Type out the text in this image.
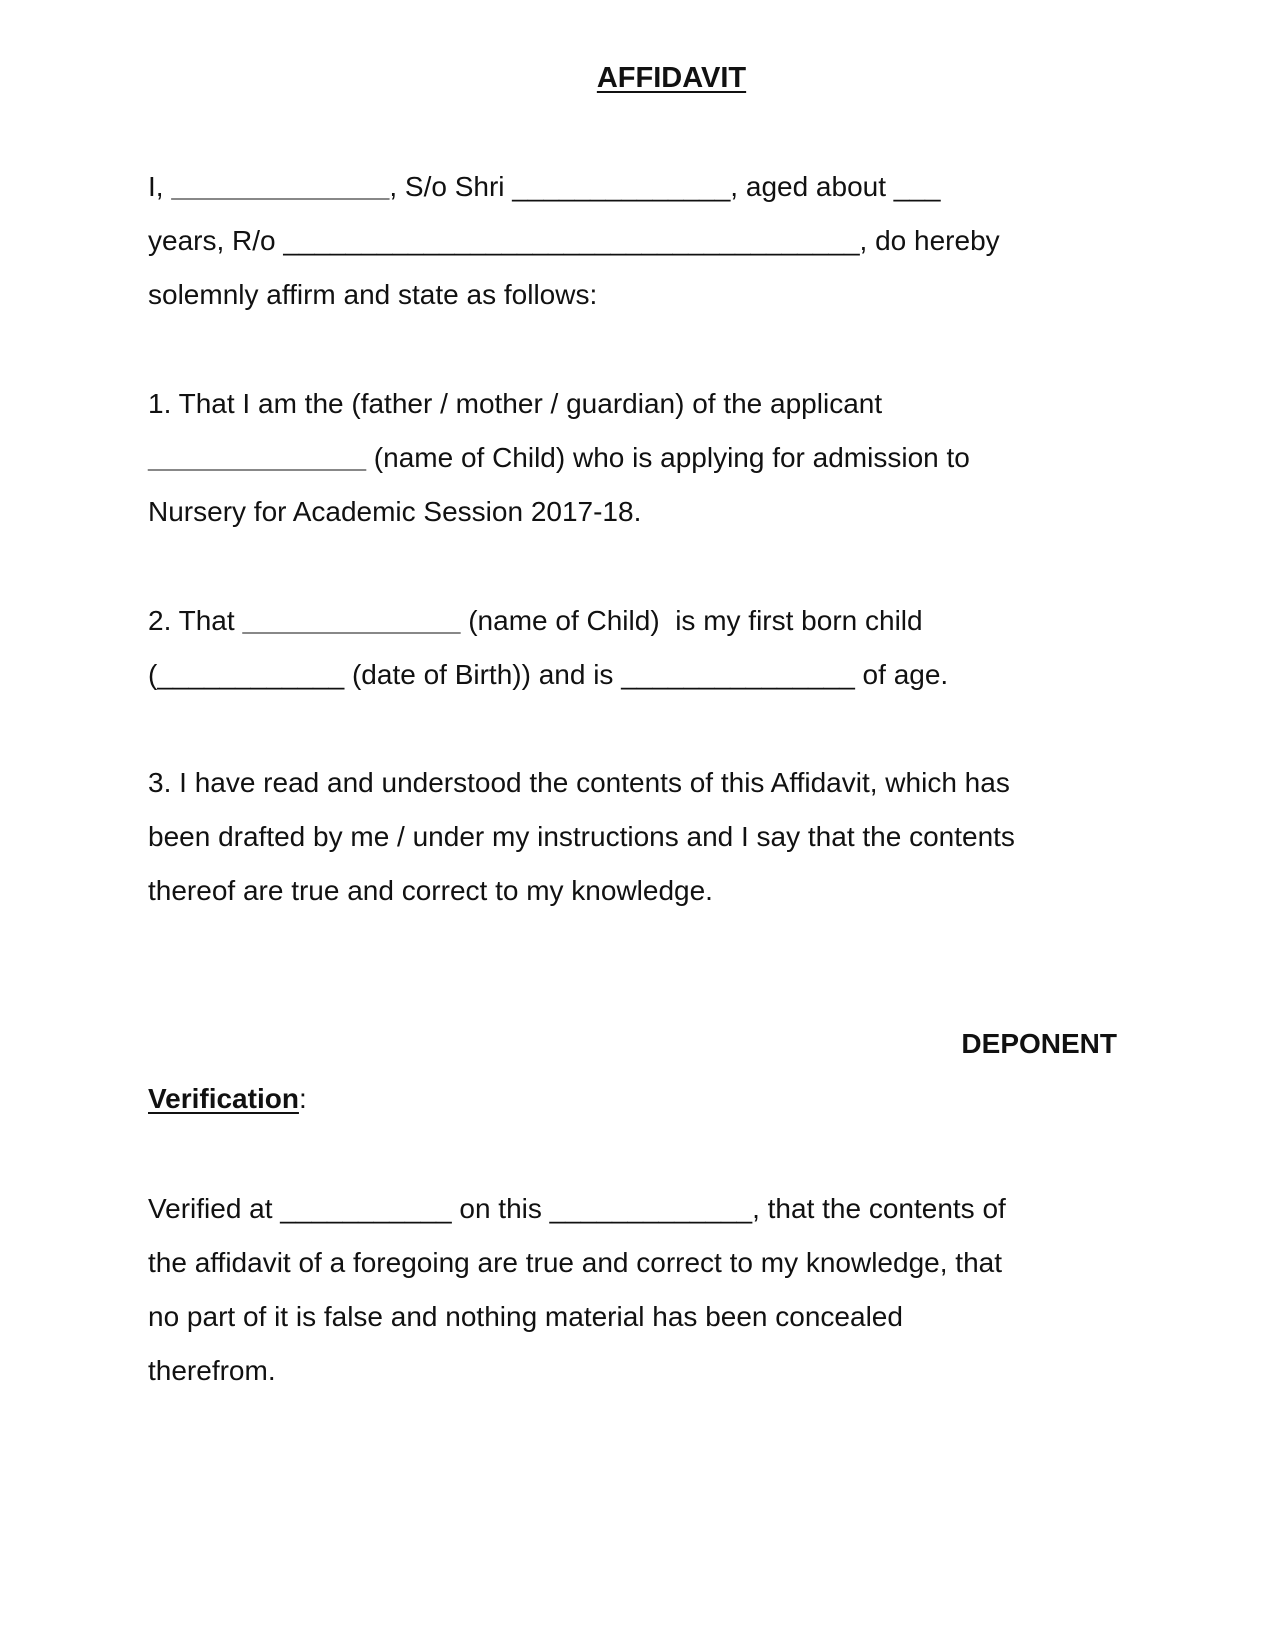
AFFIDAVIT
I, ______________, S/o Shri ______________, aged about ___
years, R/o _____________________________________, do hereby
solemnly affirm and state as follows:
1. That I am the (father / mother / guardian) of the applicant
______________ (name of Child) who is applying for admission to
Nursery for Academic Session 2017-18.
2. That ______________ (name of Child)  is my first born child
(____________ (date of Birth)) and is _______________ of age.
3. I have read and understood the contents of this Affidavit, which has
been drafted by me / under my instructions and I say that the contents
thereof are true and correct to my knowledge.
DEPONENT
Verification:
Verified at ___________ on this _____________, that the contents of
the affidavit of a foregoing are true and correct to my knowledge, that
no part of it is false and nothing material has been concealed
therefrom.
